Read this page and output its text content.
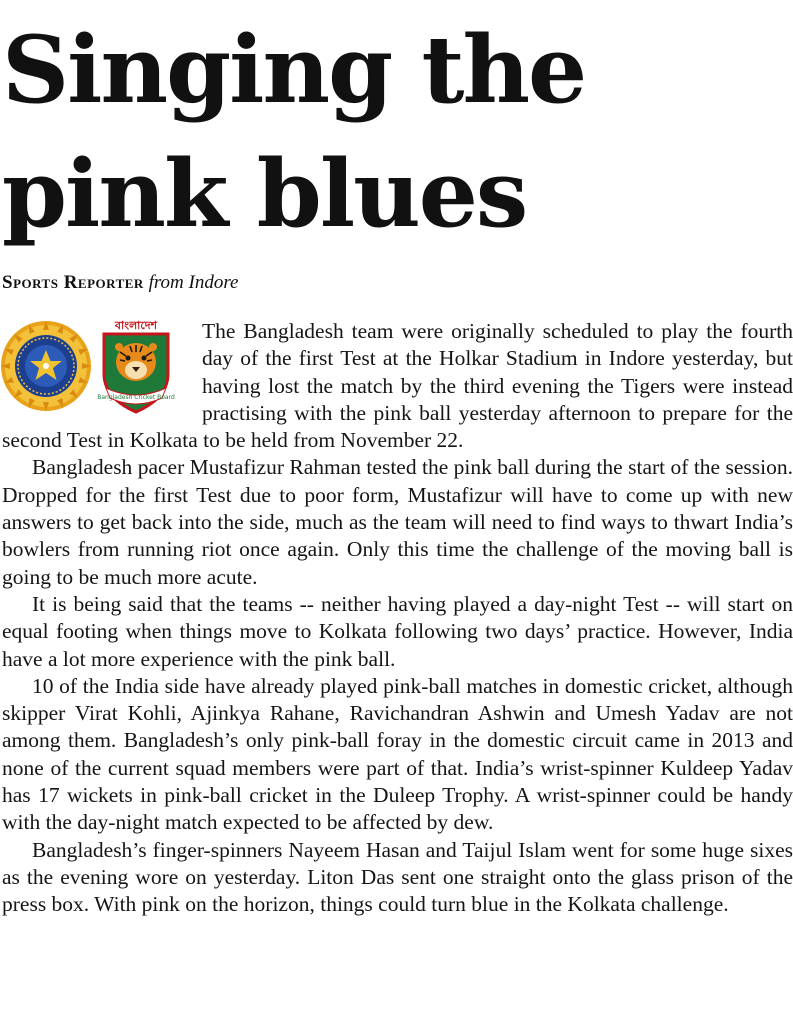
Singing the
pink blues
Sports Reporter from Indore
বাংলাদেশ
Bangladesh Cricket Board

The Bangladesh team were originally scheduled to play the fourth day of the first Test at the Holkar Stadium in Indore yesterday, but having lost the match by the third evening the Tigers were instead practising with the pink ball yesterday afternoon to prepare for the second Test in Kolkata to be held from November 22.

Bangladesh pacer Mustafizur Rahman tested the pink ball during the start of the session. Dropped for the first Test due to poor form, Mustafizur will have to come up with new answers to get back into the side, much as the team will need to find ways to thwart India’s bowlers from running riot once again. Only this time the challenge of the moving ball is going to be much more acute.

It is being said that the teams -- neither having played a day-night Test -- will start on equal footing when things move to Kolkata following two days’ practice. However, India have a lot more experience with the pink ball.

10 of the India side have already played pink-ball matches in domestic cricket, although skipper Virat Kohli, Ajinkya Rahane, Ravichandran Ashwin and Umesh Yadav are not among them. Bangladesh’s only pink-ball foray in the domestic circuit came in 2013 and none of the current squad members were part of that. India’s wrist-spinner Kuldeep Yadav has 17 wickets in pink-ball cricket in the Duleep Trophy. A wrist-spinner could be handy with the day-night match expected to be affected by dew.

Bangladesh’s finger-spinners Nayeem Hasan and Taijul Islam went for some huge sixes as the evening wore on yesterday. Liton Das sent one straight onto the glass prison of the press box. With pink on the horizon, things could turn blue in the Kolkata challenge.
